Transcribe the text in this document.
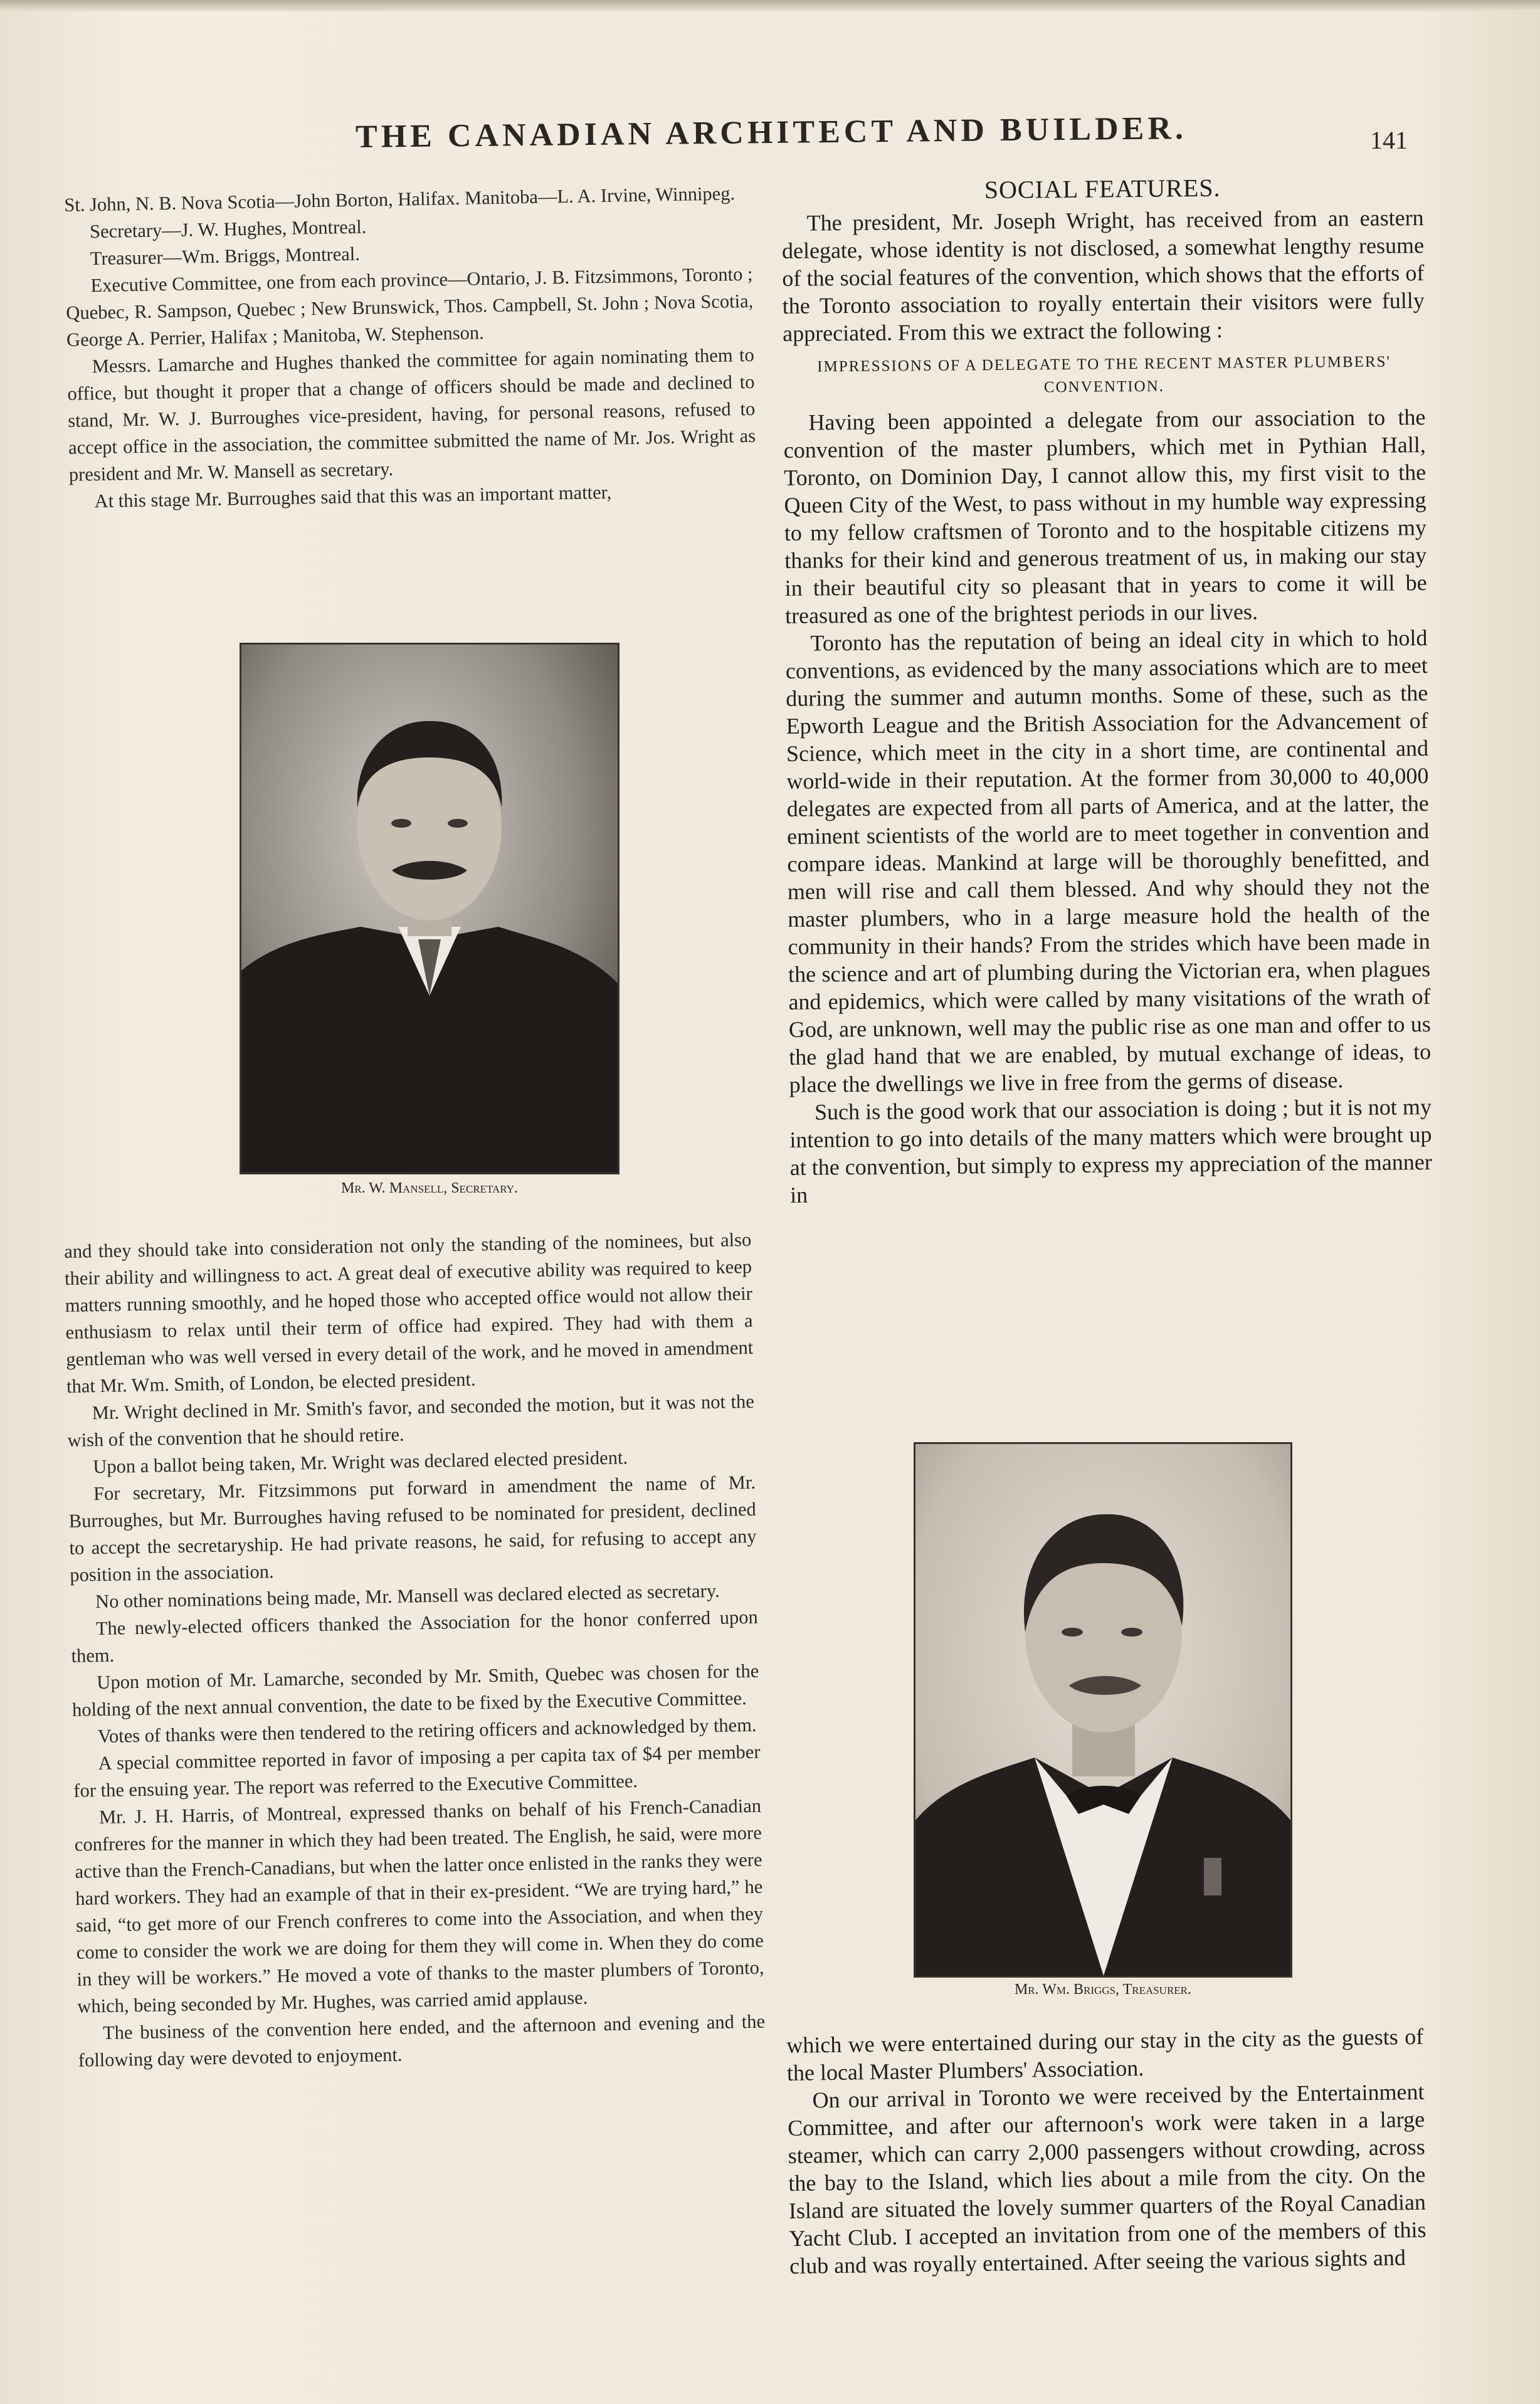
THE CANADIAN ARCHITECT AND BUILDER.	141

St. John, N. B. Nova Scotia—John Borton, Halifax. Manitoba—L. A. Irvine, Winnipeg.

Secretary—J. W. Hughes, Montreal.

Treasurer—Wm. Briggs, Montreal.

Executive Committee, one from each province—Ontario, J. B. Fitzsimmons, Toronto ; Quebec, R. Sampson, Quebec ; New Brunswick, Thos. Campbell, St. John ; Nova Scotia, George A. Perrier, Halifax ; Manitoba, W. Stephenson.

Messrs. Lamarche and Hughes thanked the committee for again nominating them to office, but thought it proper that a change of officers should be made and declined to stand, Mr. W. J. Burroughes vice-president, having, for personal reasons, refused to accept office in the association, the committee submitted the name of Mr. Jos. Wright as president and Mr. W. Mansell as secretary.

At this stage Mr. Burroughes said that this was an important matter,

Mr. W. Mansell, Secretary.

and they should take into consideration not only the standing of the nominees, but also their ability and willingness to act. A great deal of executive ability was required to keep matters running smoothly, and he hoped those who accepted office would not allow their enthusiasm to relax until their term of office had expired. They had with them a gentleman who was well versed in every detail of the work, and he moved in amendment that Mr. Wm. Smith, of London, be elected president.

Mr. Wright declined in Mr. Smith's favor, and seconded the motion, but it was not the wish of the convention that he should retire.

Upon a ballot being taken, Mr. Wright was declared elected president.

For secretary, Mr. Fitzsimmons put forward in amendment the name of Mr. Burroughes, but Mr. Burroughes having refused to be nominated for president, declined to accept the secretaryship. He had private reasons, he said, for refusing to accept any position in the association.

No other nominations being made, Mr. Mansell was declared elected as secretary.

The newly-elected officers thanked the Association for the honor conferred upon them.

Upon motion of Mr. Lamarche, seconded by Mr. Smith, Quebec was chosen for the holding of the next annual convention, the date to be fixed by the Executive Committee.

Votes of thanks were then tendered to the retiring officers and acknowledged by them.

A special committee reported in favor of imposing a per capita tax of $4 per member for the ensuing year. The report was referred to the Executive Committee.

Mr. J. H. Harris, of Montreal, expressed thanks on behalf of his French-Canadian confreres for the manner in which they had been treated. The English, he said, were more active than the French-Canadians, but when the latter once enlisted in the ranks they were hard workers. They had an example of that in their ex-president. “We are trying hard,” he said, “to get more of our French confreres to come into the Association, and when they come to consider the work we are doing for them they will come in. When they do come in they will be workers.” He moved a vote of thanks to the master plumbers of Toronto, which, being seconded by Mr. Hughes, was carried amid applause.

The business of the convention here ended, and the afternoon and evening and the following day were devoted to enjoyment.

SOCIAL FEATURES.

The president, Mr. Joseph Wright, has received from an eastern delegate, whose identity is not disclosed, a somewhat lengthy resume of the social features of the convention, which shows that the efforts of the Toronto association to royally entertain their visitors were fully appreciated. From this we extract the following :

IMPRESSIONS OF A DELEGATE TO THE RECENT MASTER PLUMBERS' CONVENTION.

Having been appointed a delegate from our association to the convention of the master plumbers, which met in Pythian Hall, Toronto, on Dominion Day, I cannot allow this, my first visit to the Queen City of the West, to pass without in my humble way expressing to my fellow craftsmen of Toronto and to the hospitable citizens my thanks for their kind and generous treatment of us, in making our stay in their beautiful city so pleasant that in years to come it will be treasured as one of the brightest periods in our lives.

Toronto has the reputation of being an ideal city in which to hold conventions, as evidenced by the many associations which are to meet during the summer and autumn months. Some of these, such as the Epworth League and the British Association for the Advancement of Science, which meet in the city in a short time, are continental and world-wide in their reputation. At the former from 30,000 to 40,000 delegates are expected from all parts of America, and at the latter, the eminent scientists of the world are to meet together in convention and compare ideas. Mankind at large will be thoroughly benefitted, and men will rise and call them blessed. And why should they not the master plumbers, who in a large measure hold the health of the community in their hands? From the strides which have been made in the science and art of plumbing during the Victorian era, when plagues and epidemics, which were called by many visitations of the wrath of God, are unknown, well may the public rise as one man and offer to us the glad hand that we are enabled, by mutual exchange of ideas, to place the dwellings we live in free from the germs of disease.

Such is the good work that our association is doing ; but it is not my intention to go into details of the many matters which were brought up at the convention, but simply to express my appreciation of the manner in

Mr. Wm. Briggs, Treasurer.

which we were entertained during our stay in the city as the guests of the local Master Plumbers' Association.

On our arrival in Toronto we were received by the Entertainment Committee, and after our afternoon's work were taken in a large steamer, which can carry 2,000 passengers without crowding, across the bay to the Island, which lies about a mile from the city. On the Island are situated the lovely summer quarters of the Royal Canadian Yacht Club. I accepted an invitation from one of the members of this club and was royally entertained. After seeing the various sights and
